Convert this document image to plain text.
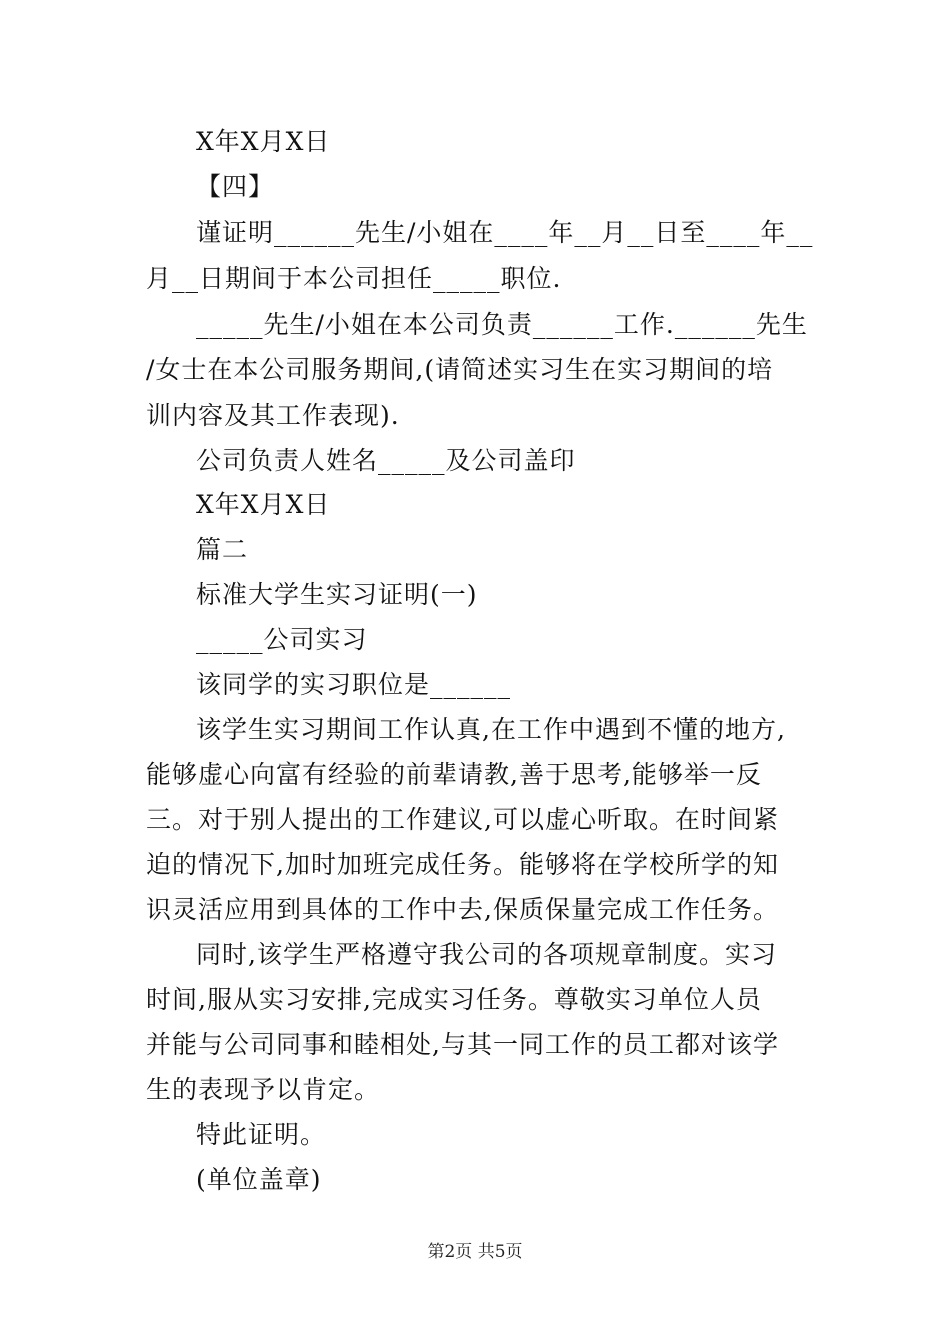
X年X月X日
【四】
谨证明______先生/小姐在____年__月__日至____年__
月__日期间于本公司担任_____职位.
_____先生/小姐在本公司负责______工作.______先生
/女士在本公司服务期间,(请简述实习生在实习期间的培
训内容及其工作表现).
公司负责人姓名_____及公司盖印
X年X月X日
篇二
标准大学生实习证明(一)
_____公司实习
该同学的实习职位是______
该学生实习期间工作认真,在工作中遇到不懂的地方,
能够虚心向富有经验的前辈请教,善于思考,能够举一反
三。对于别人提出的工作建议,可以虚心听取。在时间紧
迫的情况下,加时加班完成任务。能够将在学校所学的知
识灵活应用到具体的工作中去,保质保量完成工作任务。
同时,该学生严格遵守我公司的各项规章制度。实习
时间,服从实习安排,完成实习任务。尊敬实习单位人员
并能与公司同事和睦相处,与其一同工作的员工都对该学
生的表现予以肯定。
特此证明。
(单位盖章)
第2页 共5页
